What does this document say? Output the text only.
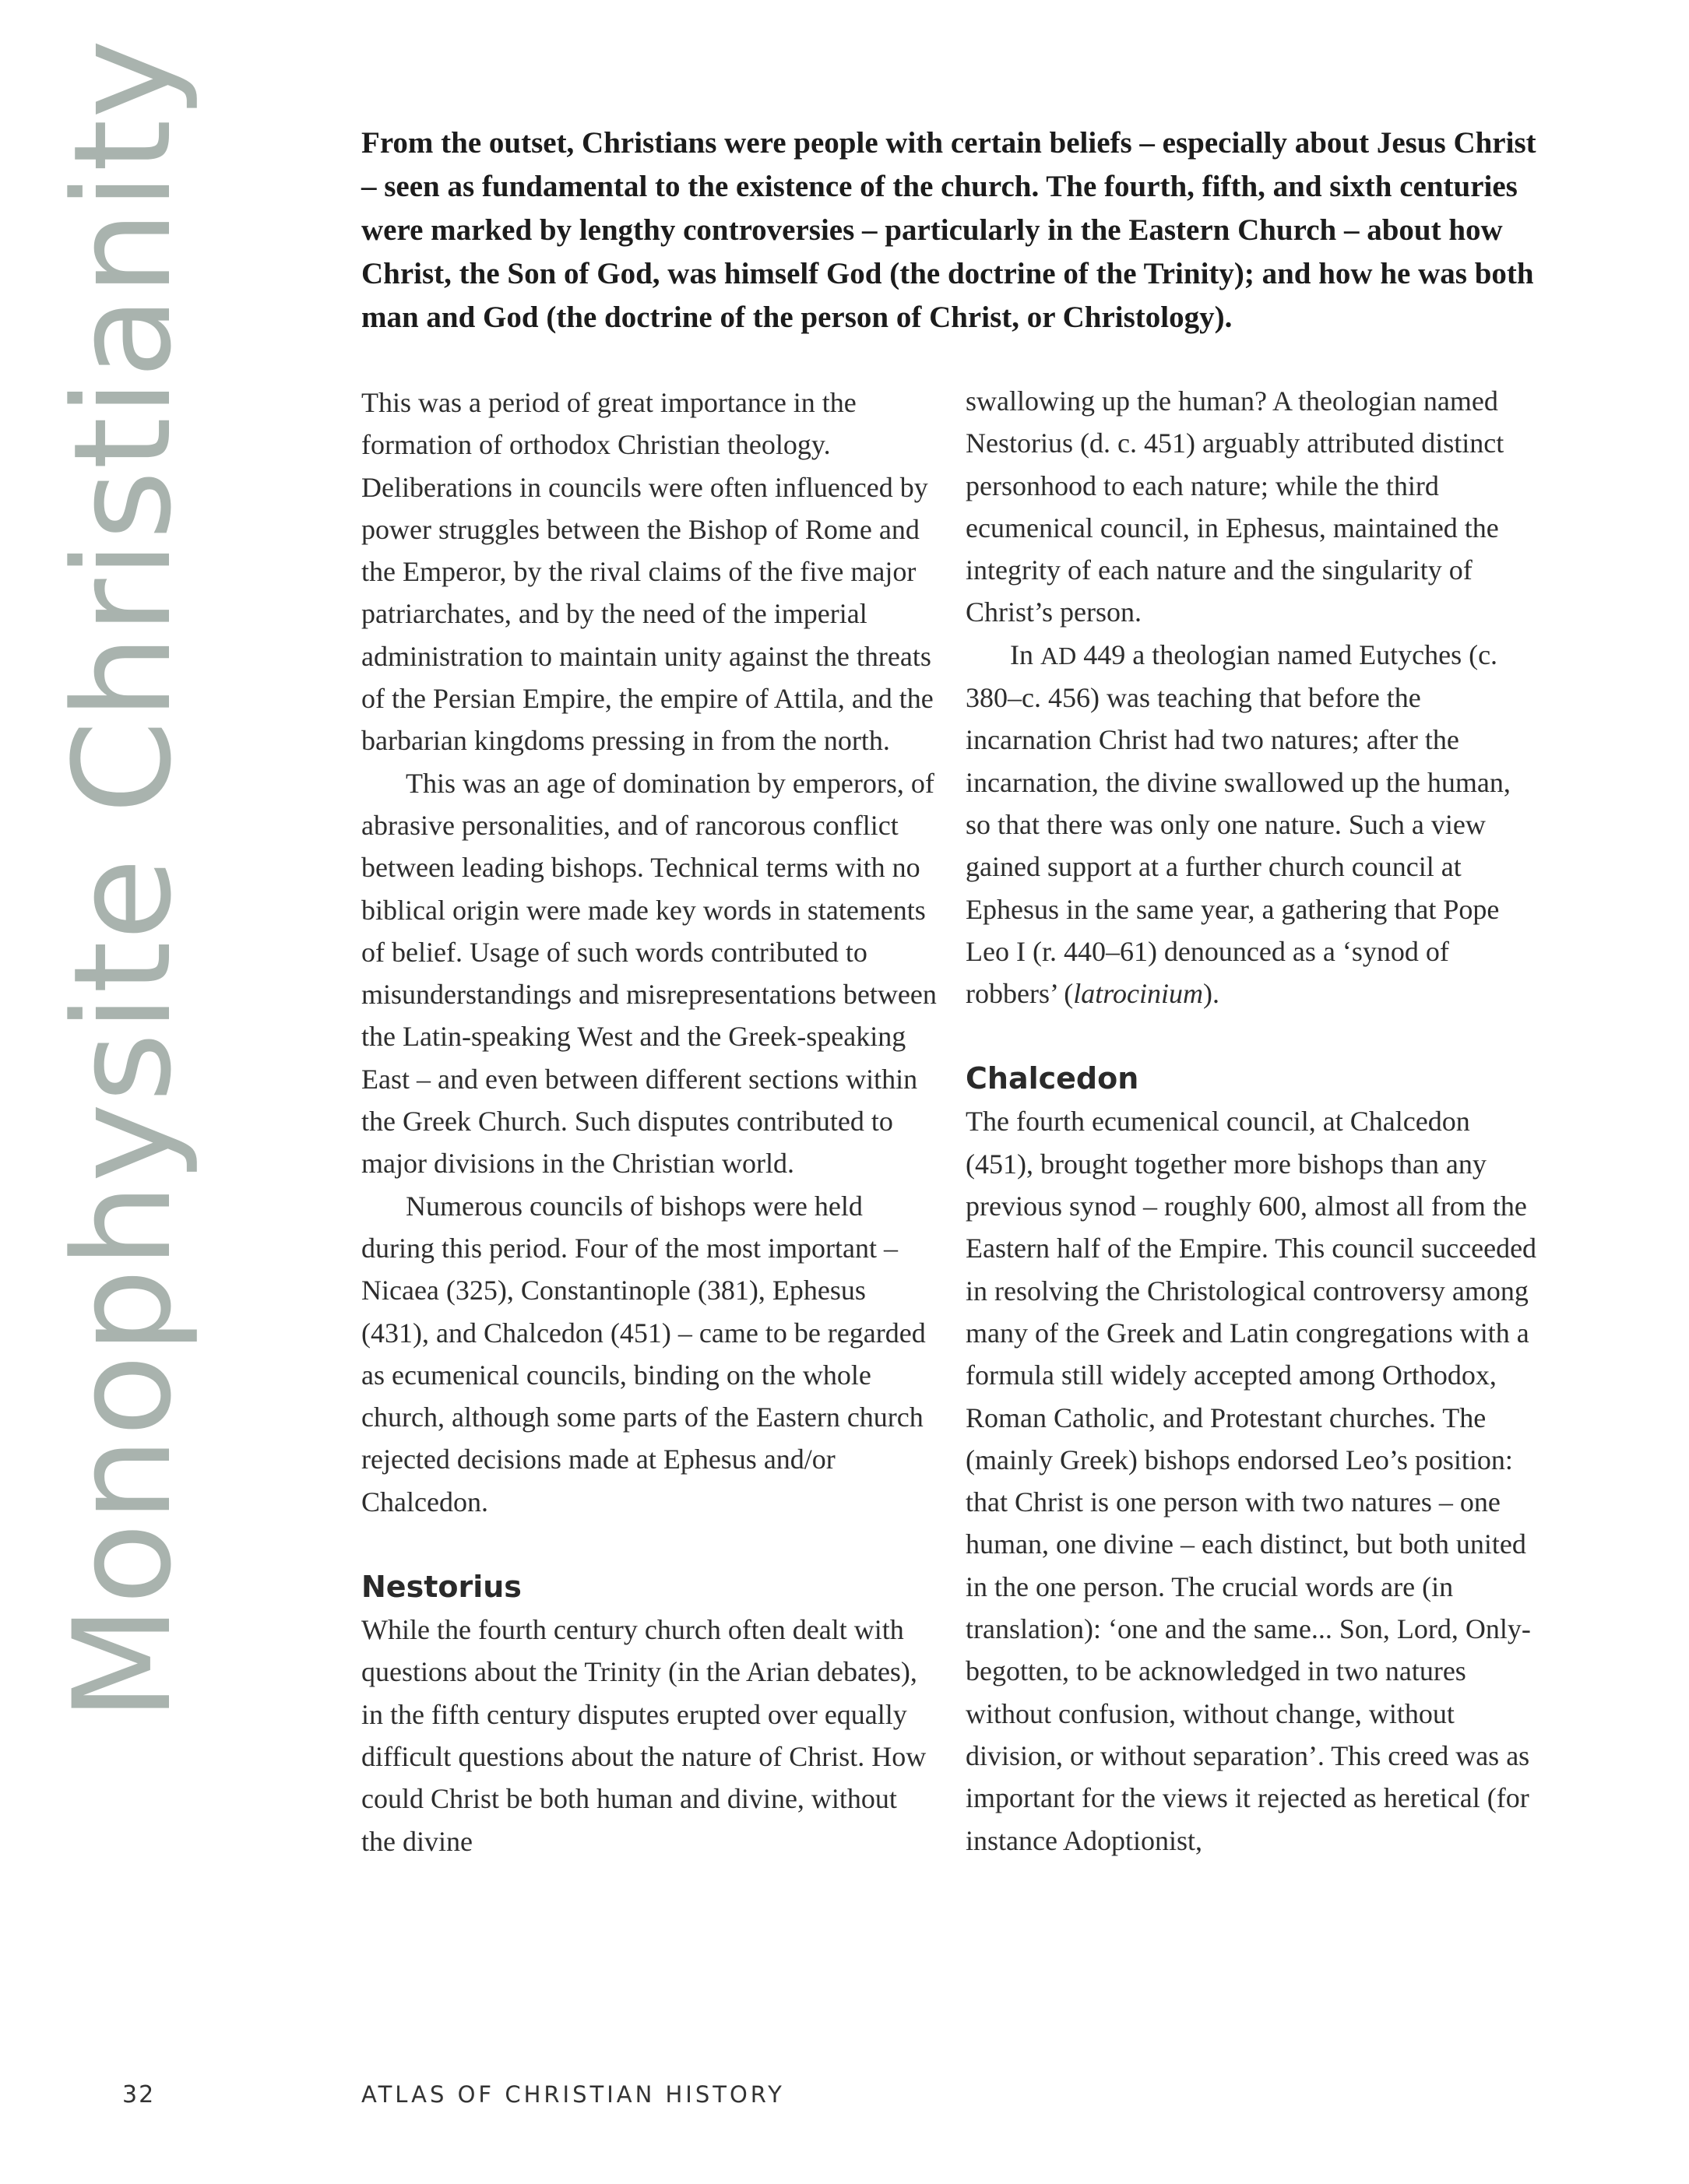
Monophysite Christianity	From the outset, Christians were people with certain beliefs – especially about Jesus Christ – seen as fundamental to the existence of the church. The fourth, fifth, and sixth centuries were marked by lengthy controversies – particularly in the Eastern Church – about how Christ, the Son of God, was himself God (the doctrine of the Trinity); and how he was both man and God (the doctrine of the person of Christ, or Christology).

This was a period of great importance in the formation of orthodox Christian theology. Deliberations in councils were often influenced by power struggles between the Bishop of Rome and the Emperor, by the rival claims of the five major patriarchates, and by the need of the imperial administration to maintain unity against the threats of the Persian Empire, the empire of Attila, and the barbarian kingdoms pressing in from the north.

This was an age of domination by emperors, of abrasive personalities, and of rancorous conflict between leading bishops. Technical terms with no biblical origin were made key words in statements of belief. Usage of such words contributed to misunderstandings and misrepresentations between the Latin-speaking West and the Greek-speaking East – and even between different sections within the Greek Church. Such disputes contributed to major divisions in the Christian world.

Numerous councils of bishops were held during this period. Four of the most important – Nicaea (325), Constantinople (381), Ephesus (431), and Chalcedon (451) – came to be regarded as ecumenical councils, binding on the whole church, although some parts of the Eastern church rejected decisions made at Ephesus and/or Chalcedon.

Nestorius

While the fourth century church often dealt with questions about the Trinity (in the Arian debates), in the fifth century disputes erupted over equally difficult questions about the nature of Christ. How could Christ be both human and divine, without the divine

swallowing up the human? A theologian named Nestorius (d. c. 451) arguably attributed distinct personhood to each nature; while the third ecumenical council, in Ephesus, maintained the integrity of each nature and the singularity of Christ’s person.

In AD 449 a theologian named Eutyches (c. 380–c. 456) was teaching that before the incarnation Christ had two natures; after the incarnation, the divine swallowed up the human, so that there was only one nature. Such a view gained support at a further church council at Ephesus in the same year, a gathering that Pope Leo I (r. 440–61) denounced as a ‘synod of robbers’ (latrocinium).

Chalcedon

The fourth ecumenical council, at Chalcedon (451), brought together more bishops than any previous synod – roughly 600, almost all from the Eastern half of the Empire. This council succeeded in resolving the Christological controversy among many of the Greek and Latin congregations with a formula still widely accepted among Orthodox, Roman Catholic, and Protestant churches. The (mainly Greek) bishops endorsed Leo’s position: that Christ is one person with two natures – one human, one divine – each distinct, but both united in the one person. The crucial words are (in translation): ‘one and the same... Son, Lord, Only-begotten, to be acknowledged in two natures without confusion, without change, without division, or without separation’. This creed was as important for the views it rejected as heretical (for instance Adoptionist,

32	ATLAS OF CHRISTIAN HISTORY
